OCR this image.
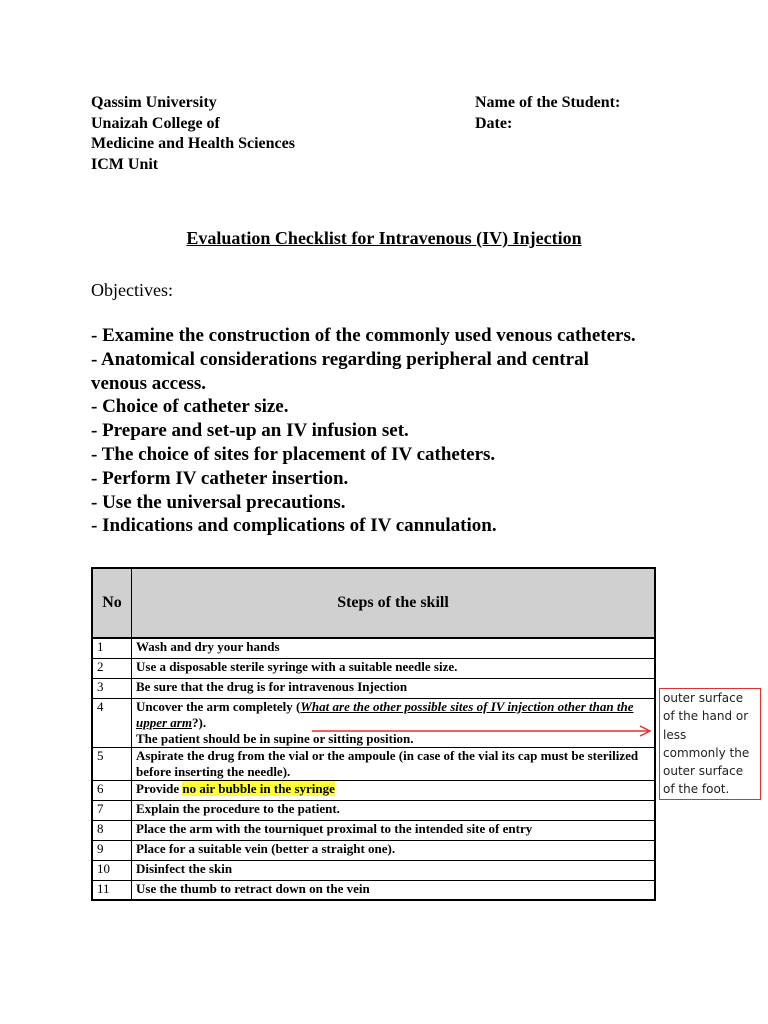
Qassim University
Unaizah College of
Medicine and Health Sciences
ICM Unit
Name of the Student:
Date:
Evaluation Checklist for Intravenous (IV) Injection
Objectives:
- Examine the construction of the commonly used venous catheters.
- Anatomical considerations regarding peripheral and central
venous access.
- Choice of catheter size.
- Prepare and set-up an IV infusion set.
- The choice of sites for placement of IV catheters.
- Perform IV catheter insertion.
- Use the universal precautions.
- Indications and complications of IV cannulation.
No	Steps of the skill
1	Wash and dry your hands
2	Use a disposable sterile syringe with a suitable needle size.
3	Be sure that the drug is for intravenous Injection
4	Uncover the arm completely (What are the other possible sites of IV injection other than the upper arm?).
The patient should be in supine or sitting position.
5	Aspirate the drug from the vial or the ampoule (in case of the vial its cap must be sterilized before inserting the needle).
6	Provide no air bubble in the syringe
7	Explain the procedure to the patient.
8	Place the arm with the tourniquet proximal to the intended site of entry
9	Place for a suitable vein (better a straight one).
10	Disinfect the skin
11	Use the thumb to retract down on the vein
outer surface
of the hand or
less
commonly the
outer surface
of the foot.
